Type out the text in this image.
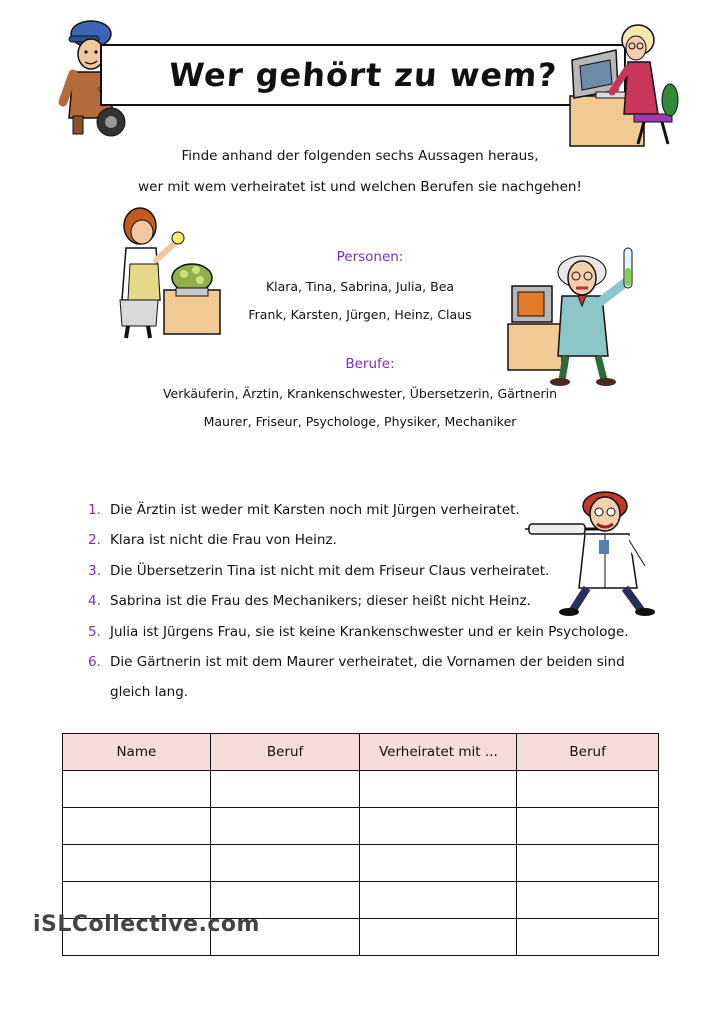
Wer gehört zu wem?
Finde anhand der folgenden sechs Aussagen heraus,
wer mit wem verheiratet ist und welchen Berufen sie nachgehen!
Personen:
Klara, Tina, Sabrina, Julia, Bea
Frank, Karsten, Jürgen, Heinz, Claus
Berufe:
Verkäuferin, Ärztin, Krankenschwester, Übersetzerin, Gärtnerin
Maurer, Friseur, Psychologe, Physiker, Mechaniker
1. Die Ärztin ist weder mit Karsten noch mit Jürgen verheiratet.
2. Klara ist nicht die Frau von Heinz.
3. Die Übersetzerin Tina ist nicht mit dem Friseur Claus verheiratet.
4. Sabrina ist die Frau des Mechanikers; dieser heißt nicht Heinz.
5. Julia ist Jürgens Frau, sie ist keine Krankenschwester und er kein Psychologe.
6. Die Gärtnerin ist mit dem Maurer verheiratet, die Vornamen der beiden sind
gleich lang.
Name	Beruf	Verheiratet mit ...	Beruf

iSLCollective.com
